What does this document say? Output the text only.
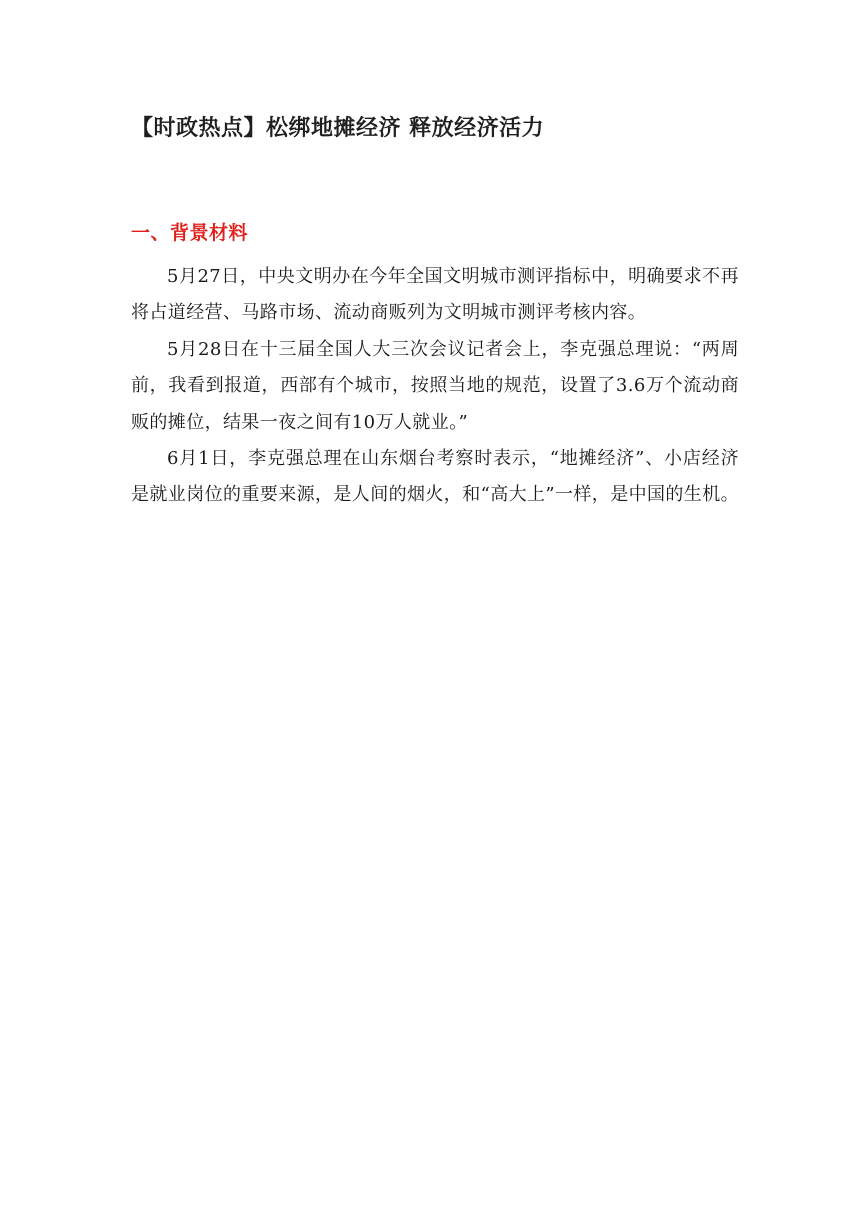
【时政热点】松绑地摊经济 释放经济活力
一、背景材料

5月27日，中央文明办在今年全国文明城市测评指标中，明确要求不再将占道经营、马路市场、流动商贩列为文明城市测评考核内容。

5月28日在十三届全国人大三次会议记者会上，李克强总理说：“两周前，我看到报道，西部有个城市，按照当地的规范，设置了3.6万个流动商贩的摊位，结果一夜之间有10万人就业。”

6月1日，李克强总理在山东烟台考察时表示，“地摊经济”、小店经济是就业岗位的重要来源，是人间的烟火，和“高大上”一样，是中国的生机。
